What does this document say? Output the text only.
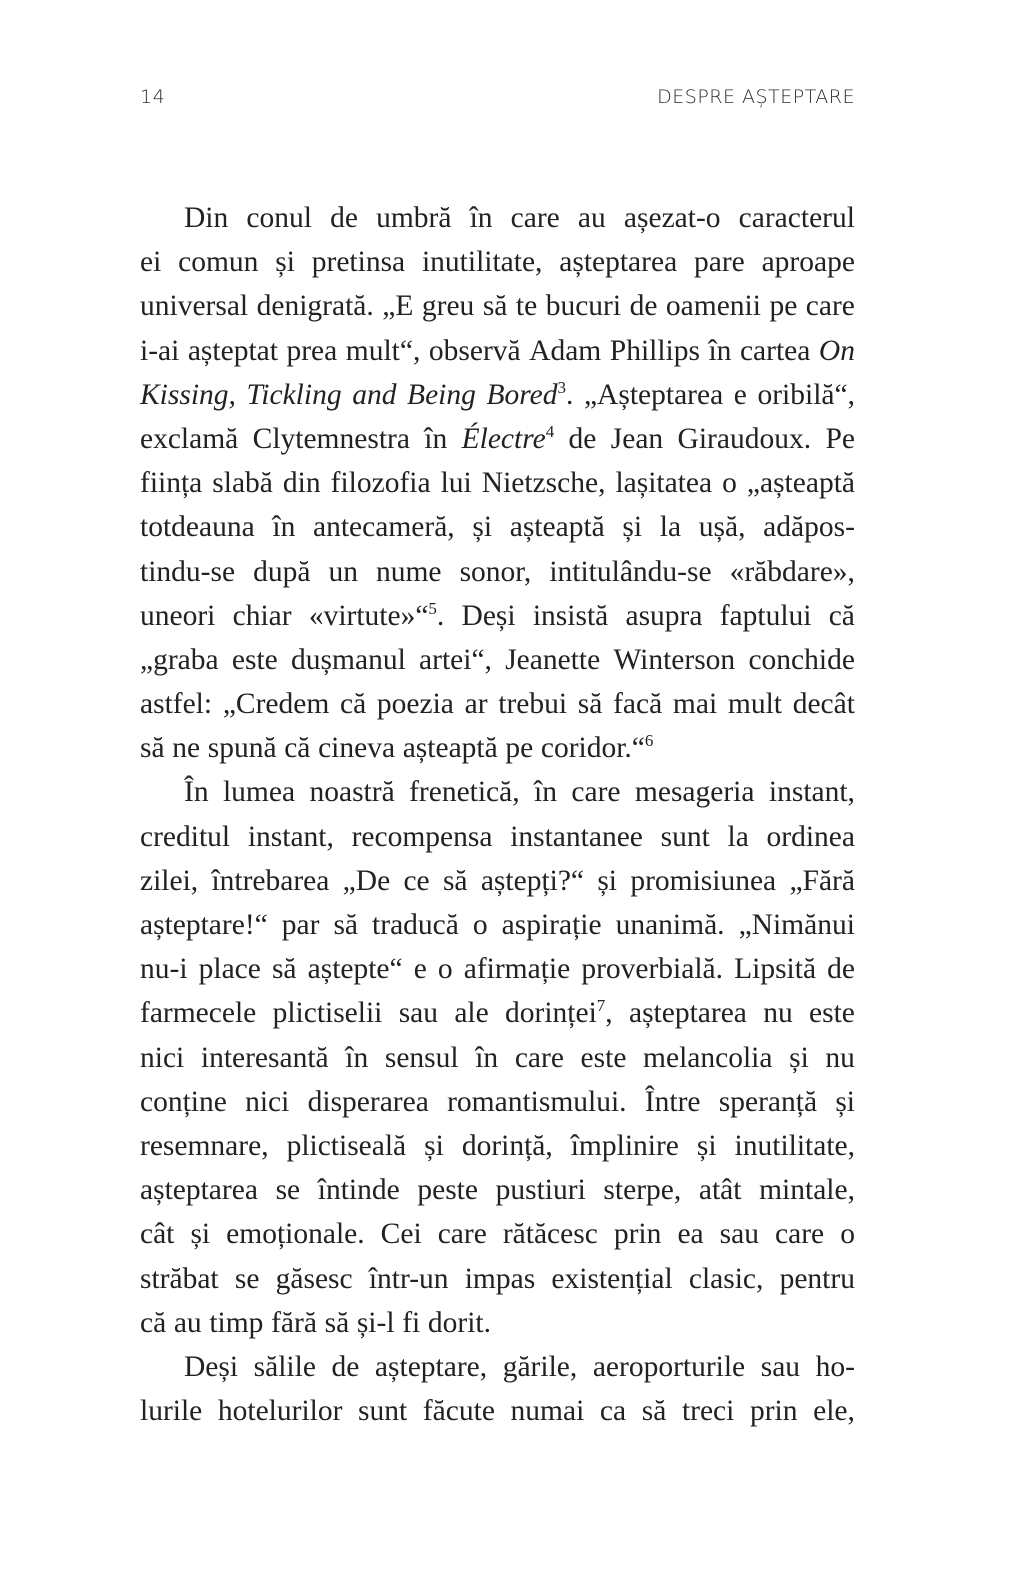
14	DESPRE AȘTEPTARE
Din conul de umbră în care au așezat-o caracterul
ei comun și pretinsa inutilitate, așteptarea pare aproape
universal denigrată. „E greu să te bucuri de oamenii pe care
i-ai așteptat prea mult“, observă Adam Phillips în cartea On
Kissing, Tickling and Being Bored$^3$. „Așteptarea e oribilă“,
exclamă Clytemnestra în Électre$^4$ de Jean Giraudoux. Pe
ființa slabă din filozofia lui Nietzsche, lașitatea o „așteaptă
totdeauna în antecameră, și așteaptă și la ușă, adăpos-
tindu-se după un nume sonor, intitulându-se «răbdare»,
uneori chiar «virtute»“$^5$. Deși insistă asupra faptului că
„graba este dușmanul artei“, Jeanette Winterson conchide
astfel: „Credem că poezia ar trebui să facă mai mult decât
să ne spună că cineva așteaptă pe coridor.“$^6$
În lumea noastră frenetică, în care mesageria instant,
creditul instant, recompensa instantanee sunt la ordinea
zilei, întrebarea „De ce să aștepți?“ și promisiunea „Fără
așteptare!“ par să traducă o aspirație unanimă. „Nimănui
nu-i place să aștepte“ e o afirmație proverbială. Lipsită de
farmecele plictiselii sau ale dorinței$^7$, așteptarea nu este
nici interesantă în sensul în care este melancolia și nu
conține nici disperarea romantismului. Între speranță și
resemnare, plictiseală și dorință, împlinire și inutilitate,
așteptarea se întinde peste pustiuri sterpe, atât mintale,
cât și emoționale. Cei care rătăcesc prin ea sau care o
străbat se găsesc într-un impas existențial clasic, pentru
că au timp fără să și-l fi dorit.
Deși sălile de așteptare, gările, aeroporturile sau ho-
lurile hotelurilor sunt făcute numai ca să treci prin ele,
